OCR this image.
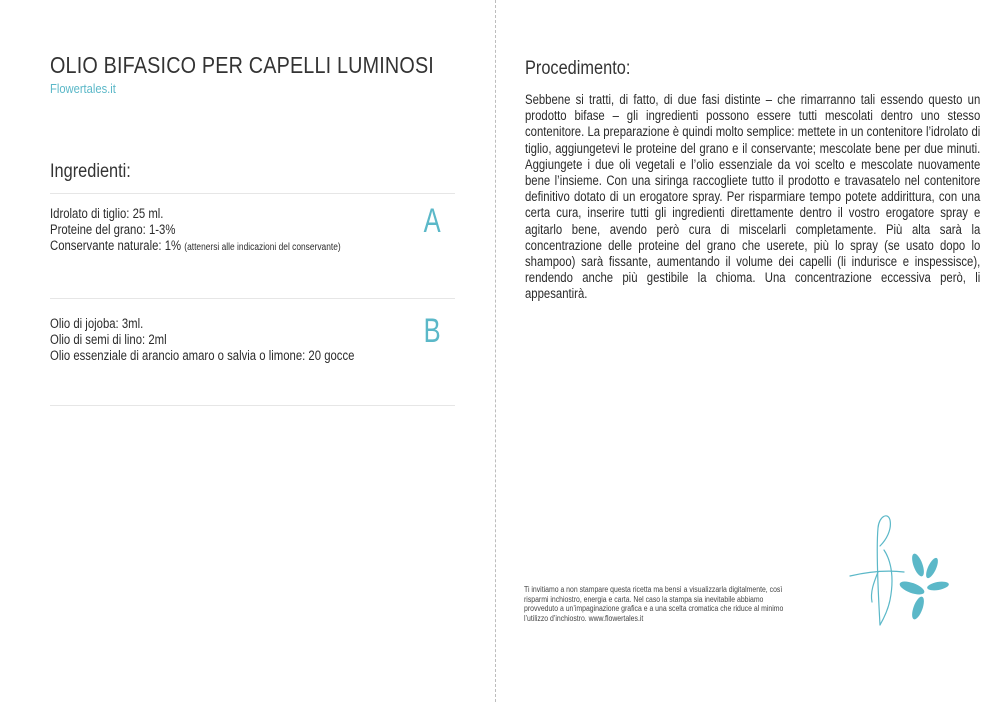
OLIO BIFASICO PER CAPELLI LUMINOSI
Flowertales.it
Ingredienti:
Idrolato di tiglio: 25 ml.
Proteine del grano: 1-3%
Conservante naturale: 1% (attenersi alle indicazioni del conservante)
A
Olio di jojoba: 3ml.
Olio di semi di lino: 2ml
Olio essenziale di arancio amaro o salvia o limone: 20 gocce
B
Procedimento:
Sebbene si tratti, di fatto, di due fasi distinte – che rimarranno tali essendo questo un prodotto bifase – gli ingredienti possono essere tutti mescolati dentro uno stesso contenitore. La preparazione è quindi molto semplice: mettete in un contenitore l’idrolato di tiglio, aggiungetevi le proteine del grano e il conservante; mescolate bene per due minuti. Aggiungete i due oli vegetali e l’olio essenziale da voi scelto e mescolate nuovamente bene l’insieme. Con una siringa raccogliete tutto il prodotto e travasatelo nel contenitore definitivo dotato di un erogatore spray. Per risparmiare tempo potete addirittura, con una certa cura, inserire tutti gli ingredienti direttamente dentro il vostro erogatore spray e agitarlo bene, avendo però cura di miscelarli completamente. Più alta sarà la concentrazione delle proteine del grano che userete, più lo spray (se usato dopo lo shampoo) sarà fissante, aumentando il volume dei capelli (li indurisce e inspessisce), rendendo anche più gestibile la chioma. Una concentrazione eccessiva però, li appesantirà.
Ti invitiamo a non stampare questa ricetta ma bensì a visualizzarla digitalmente, così risparmi inchiostro, energia e carta. Nel caso la stampa sia inevitabile abbiamo provveduto a un’impaginazione grafica e a una scelta cromatica che riduce al minimo l’utilizzo d’inchiostro. www.flowertales.it
